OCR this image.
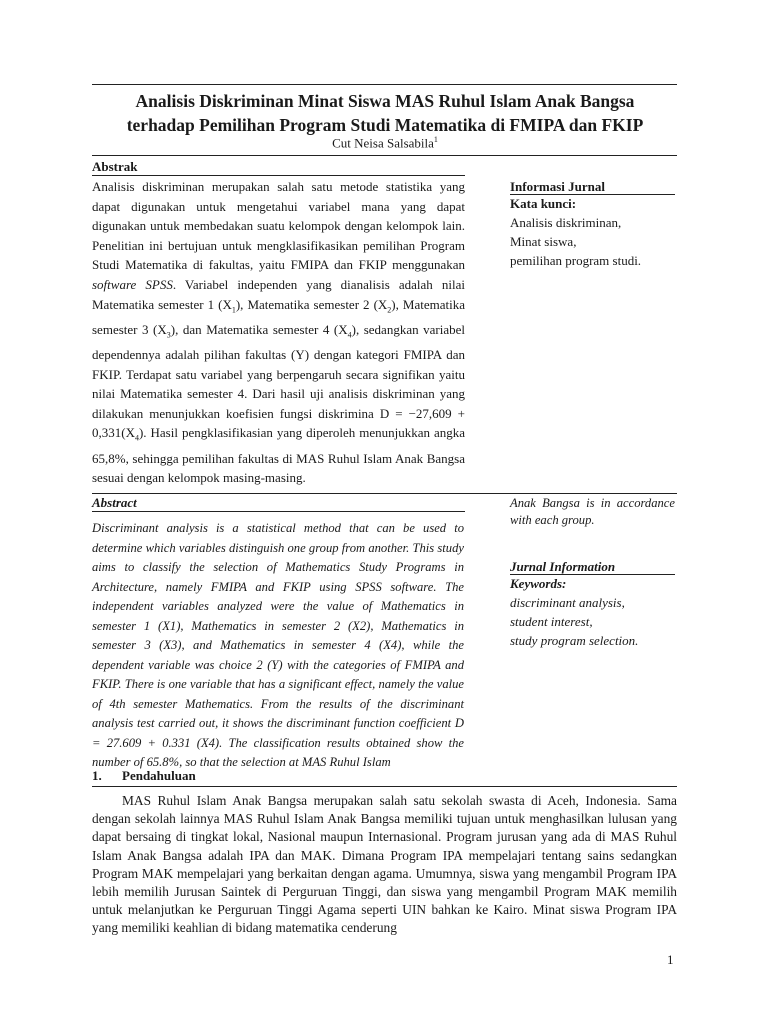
Analisis Diskriminan Minat Siswa MAS Ruhul Islam Anak Bangsa
terhadap Pemilihan Program Studi Matematika di FMIPA dan FKIP
Cut Neisa Salsabila$^1$
Abstrak

Analisis diskriminan merupakan salah satu metode statistika yang dapat digunakan untuk mengetahui variabel mana yang dapat digunakan untuk membedakan suatu kelompok dengan kelompok lain. Penelitian ini bertujuan untuk mengklasifikasikan pemilihan Program Studi Matematika di fakultas, yaitu FMIPA dan FKIP menggunakan software SPSS. Variabel independen yang dianalisis adalah nilai Matematika semester 1 $(X_1)$, Matematika semester 2 $(X_2)$, Matematika semester 3 $(X_3)$, dan Matematika semester 4 $(X_4)$, sedangkan variabel dependennya adalah pilihan fakultas (Y) dengan kategori FMIPA dan FKIP. Terdapat satu variabel yang berpengaruh secara signifikan yaitu nilai Matematika semester 4. Dari hasil uji analisis diskriminan yang dilakukan menunjukkan koefisien fungsi diskrimina $D = -27,609 + 0,331(X_4)$. Hasil pengklasifikasian yang diperoleh menunjukkan angka 65,8%, sehingga pemilihan fakultas di MAS Ruhul Islam Anak Bangsa sesuai dengan kelompok masing-masing.

Informasi Jurnal
Kata kunci:
Analisis diskriminan,
Minat siswa,
pemilihan program studi.
Abstract

Discriminant analysis is a statistical method that can be used to determine which variables distinguish one group from another. This study aims to classify the selection of Mathematics Study Programs in Architecture, namely FMIPA and FKIP using SPSS software. The independent variables analyzed were the value of Mathematics in semester 1 (X1), Mathematics in semester 2 (X2), Mathematics in semester 3 (X3), and Mathematics in semester 4 (X4), while the dependent variable was choice 2 (Y) with the categories of FMIPA and FKIP. There is one variable that has a significant effect, namely the value of 4th semester Mathematics. From the results of the discriminant analysis test carried out, it shows the discriminant function coefficient D = 27.609 + 0.331 (X4). The classification results obtained show the number of 65.8%, so that the selection at MAS Ruhul Islam

Anak Bangsa is in accordance with each group.

Jurnal Information
Keywords:
discriminant analysis,
student interest,
study program selection.
1. Pendahuluan

MAS Ruhul Islam Anak Bangsa merupakan salah satu sekolah swasta di Aceh, Indonesia. Sama dengan sekolah lainnya MAS Ruhul Islam Anak Bangsa memiliki tujuan untuk menghasilkan lulusan yang dapat bersaing di tingkat lokal, Nasional maupun Internasional. Program jurusan yang ada di MAS Ruhul Islam Anak Bangsa adalah IPA dan MAK. Dimana Program IPA mempelajari tentang sains sedangkan Program MAK mempelajari yang berkaitan dengan agama. Umumnya, siswa yang mengambil Program IPA lebih memilih Jurusan Saintek di Perguruan Tinggi, dan siswa yang mengambil Program MAK memilih untuk melanjutkan ke Perguruan Tinggi Agama seperti UIN bahkan ke Kairo. Minat siswa Program IPA yang memiliki keahlian di bidang matematika cenderung

1
